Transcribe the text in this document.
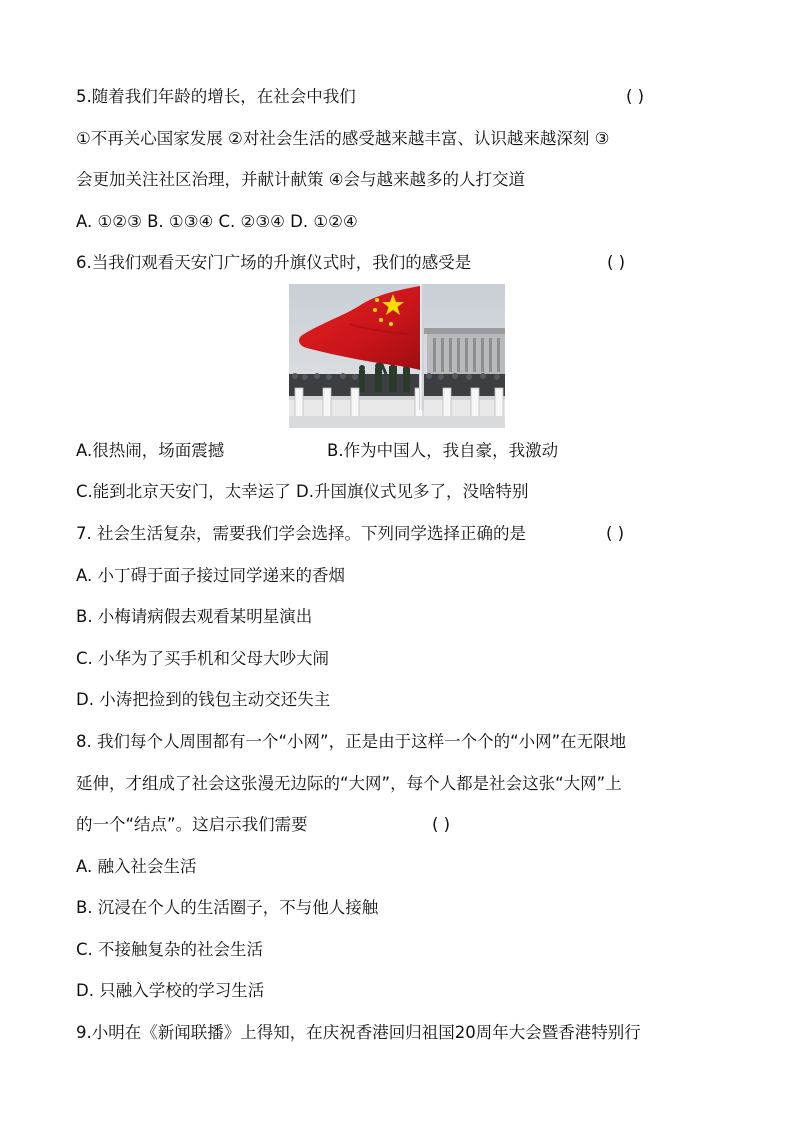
5.随着我们年龄的增长，在社会中我们	( )
①不再关心国家发展 ②对社会生活的感受越来越丰富、认识越来越深刻 ③
会更加关注社区治理，并献计献策 ④会与越来越多的人打交道
A. ①②③ B. ①③④ C. ②③④ D. ①②④
6.当我们观看天安门广场的升旗仪式时，我们的感受是	( )
A.很热闹，场面震撼	B.作为中国人，我自豪，我激动
C.能到北京天安门，太幸运了 D.升国旗仪式见多了，没啥特别
7. 社会生活复杂，需要我们学会选择。下列同学选择正确的是	( )
A. 小丁碍于面子接过同学递来的香烟
B. 小梅请病假去观看某明星演出
C. 小华为了买手机和父母大吵大闹
D. 小涛把捡到的钱包主动交还失主
8. 我们每个人周围都有一个“小网”，正是由于这样一个个的“小网”在无限地
延伸，才组成了社会这张漫无边际的“大网”，每个人都是社会这张“大网”上
的一个“结点”。这启示我们需要	( )
A. 融入社会生活
B. 沉浸在个人的生活圈子，不与他人接触
C. 不接触复杂的社会生活
D. 只融入学校的学习生活
9.小明在《新闻联播》上得知，在庆祝香港回归祖国20周年大会暨香港特别行
